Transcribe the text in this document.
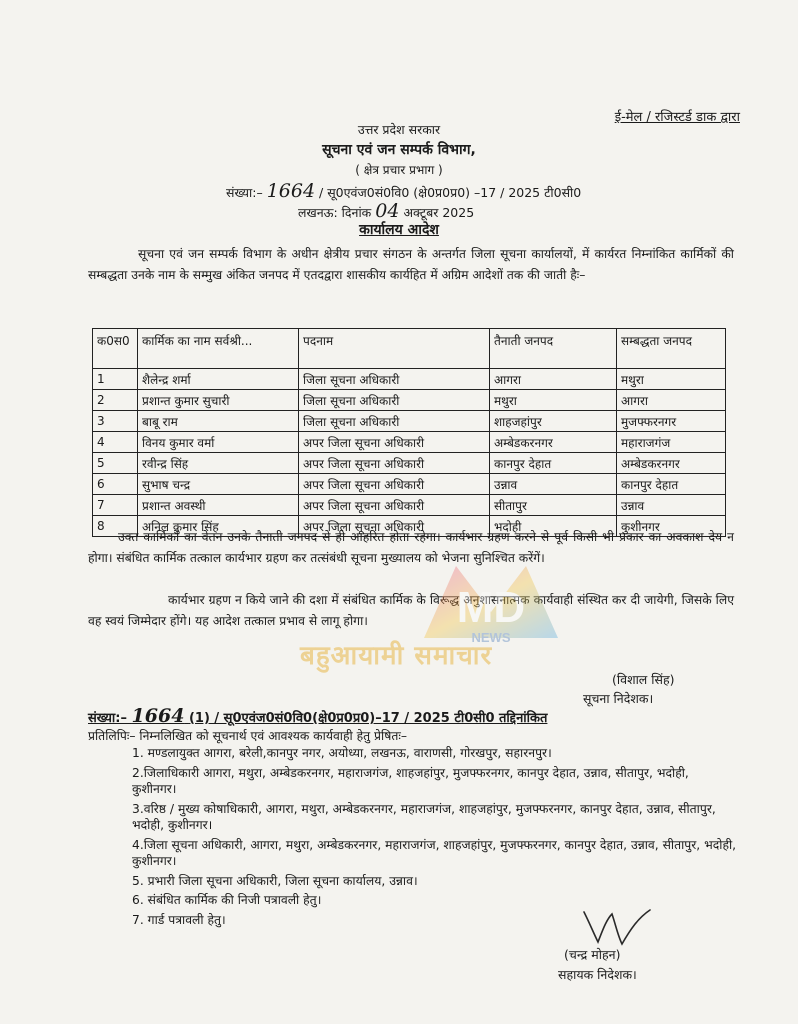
ई-मेल / रजिस्टर्ड डाक द्वारा
उत्तर प्रदेश सरकार
सूचना एवं जन सम्पर्क विभाग,
( क्षेत्र प्रचार प्रभाग )
संख्या:– 1664 / सू0एवंज0सं0वि0 (क्षे0प्र0प्र0) –17 / 2025 टी0सी0
लखनऊ: दिनांक 04 अक्टूबर 2025
कार्यालय आदेश
सूचना एवं जन सम्पर्क विभाग के अधीन क्षेत्रीय प्रचार संगठन के अन्तर्गत जिला सूचना कार्यालयों, में कार्यरत निम्नांकित कार्मिकों की सम्बद्धता उनके नाम के सम्मुख अंकित जनपद में एतदद्वारा शासकीय कार्यहित में अग्रिम आदेशों तक की जाती हैः–
क0स0	कार्मिक का नाम सर्वश्री...	पदनाम	तैनाती जनपद	सम्बद्धता जनपद
1	शैलेन्द्र शर्मा	जिला सूचना अधिकारी	आगरा	मथुरा
2	प्रशान्त कुमार सुचारी	जिला सूचना अधिकारी	मथुरा	आगरा
3	बाबू राम	जिला सूचना अधिकारी	शाहजहांपुर	मुजफ्फरनगर
4	विनय कुमार वर्मा	अपर जिला सूचना अधिकारी	अम्बेडकरनगर	महाराजगंज
5	रवीन्द्र सिंह	अपर जिला सूचना अधिकारी	कानपुर देहात	अम्बेडकरनगर
6	सुभाष चन्द्र	अपर जिला सूचना अधिकारी	उन्नाव	कानपुर देहात
7	प्रशान्त अवस्थी	अपर जिला सूचना अधिकारी	सीतापुर	उन्नाव
8	अनिल कुमार सिंह	अपर जिला सूचना अधिकारी	भदोही	कुशीनगर
उक्त कार्मिकों का वेतन उनके तैनाती जनपद से ही आहरित होता रहेगा। कार्यभार ग्रहण करने से पूर्व किसी भी प्रकार का अवकाश देय न होगा। संबंधित कार्मिक तत्काल कार्यभार ग्रहण कर तत्संबंधी सूचना मुख्यालय को भेजना सुनिश्चित करेंगें।
कार्यभार ग्रहण न किये जाने की दशा में संबंधित कार्मिक के विरूद्ध अनुशासनात्मक कार्यवाही संस्थित कर दी जायेगी, जिसके लिए वह स्वयं जिम्मेदार होंगे। यह आदेश तत्काल प्रभाव से लागू होगा।	MD
NEWS
बहुआयामी समाचार
(विशाल सिंह)
सूचना निदेशक।
संख्या:– 1664 (1) / सू0एवंज0सं0वि0(क्षे0प्र0प्र0)–17 / 2025 टी0सी0 तद्दिनांकित
प्रतिलिपिः– निम्नलिखित को सूचनार्थ एवं आवश्यक कार्यवाही हेतु प्रेषितः–
1. मण्डलायुक्त आगरा, बरेली,कानपुर नगर, अयोध्या, लखनऊ, वाराणसी, गोरखपुर, सहारनपुर।
2.जिलाधिकारी आगरा, मथुरा, अम्बेडकरनगर, महाराजगंज, शाहजहांपुर, मुजफ्फरनगर, कानपुर देहात, उन्नाव, सीतापुर, भदोही, कुशीनगर।
3.वरिष्ठ / मुख्य कोषाधिकारी, आगरा, मथुरा, अम्बेडकरनगर, महाराजगंज, शाहजहांपुर, मुजफ्फरनगर, कानपुर देहात, उन्नाव, सीतापुर, भदोही, कुशीनगर।
4.जिला सूचना अधिकारी, आगरा, मथुरा, अम्बेडकरनगर, महाराजगंज, शाहजहांपुर, मुजफ्फरनगर, कानपुर देहात, उन्नाव, सीतापुर, भदोही, कुशीनगर।
5. प्रभारी जिला सूचना अधिकारी, जिला सूचना कार्यालय, उन्नाव।
6. संबंधित कार्मिक की निजी पत्रावली हेतु।
7. गार्ड पत्रावली हेतु।
(चन्द्र मोहन)
सहायक निदेशक।
